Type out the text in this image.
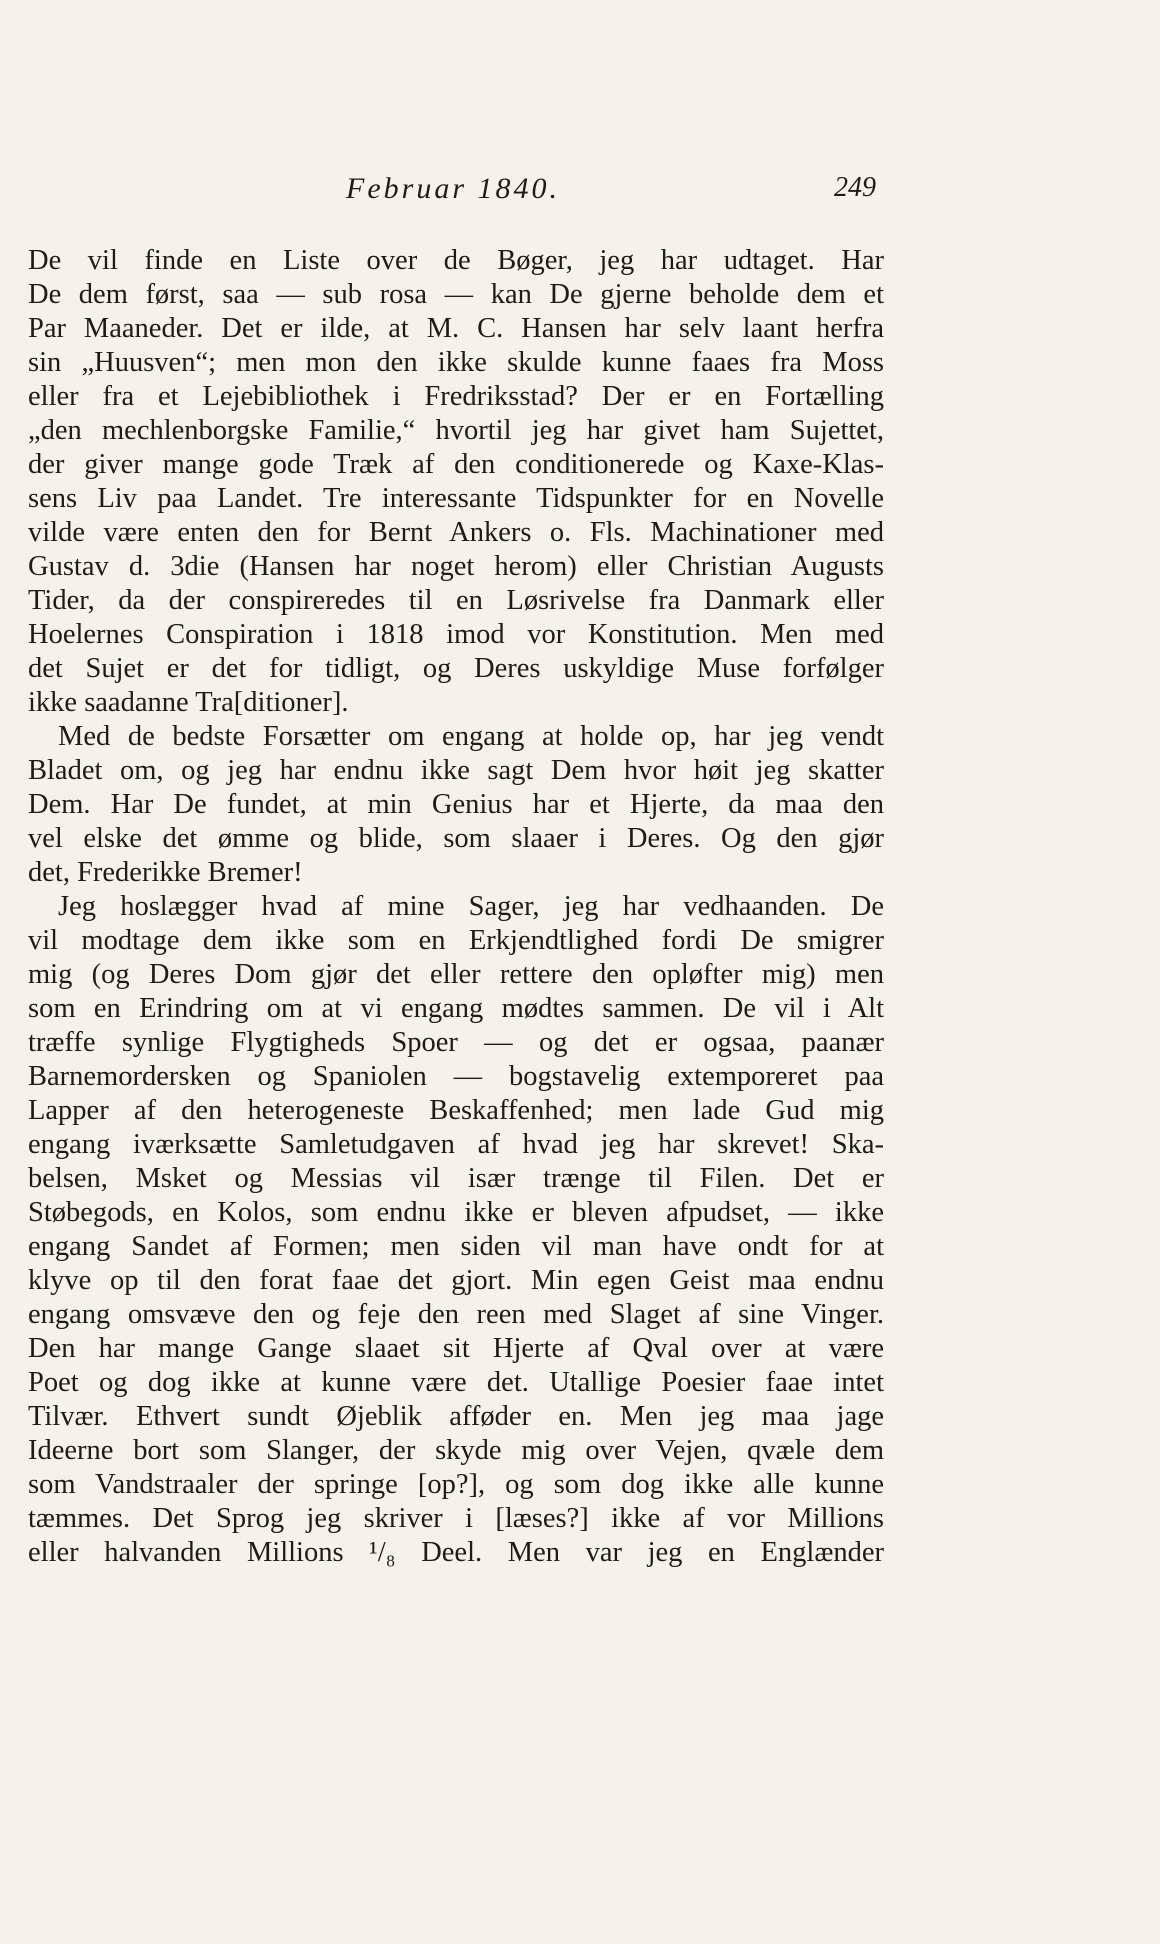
Februar 1840.	249
De vil finde en Liste over de Bøger, jeg har udtaget. Har
De dem først, saa — sub rosa — kan De gjerne beholde dem et
Par Maaneder. Det er ilde, at M. C. Hansen har selv laant herfra
sin „Huusven“; men mon den ikke skulde kunne faaes fra Moss
eller fra et Lejebibliothek i Fredriksstad? Der er en Fortælling
„den mechlenborgske Familie,“ hvortil jeg har givet ham Sujettet,
der giver mange gode Træk af den conditionerede og Kaxe-Klas-
sens Liv paa Landet. Tre interessante Tidspunkter for en Novelle
vilde være enten den for Bernt Ankers o. Fls. Machinationer med
Gustav d. 3die (Hansen har noget herom) eller Christian Augusts
Tider, da der conspireredes til en Løsrivelse fra Danmark eller
Hoelernes Conspiration i 1818 imod vor Konstitution. Men med
det Sujet er det for tidligt, og Deres uskyldige Muse forfølger
ikke saadanne Tra[ditioner].
Med de bedste Forsætter om engang at holde op, har jeg vendt
Bladet om, og jeg har endnu ikke sagt Dem hvor høit jeg skatter
Dem. Har De fundet, at min Genius har et Hjerte, da maa den
vel elske det ømme og blide, som slaaer i Deres. Og den gjør
det, Frederikke Bremer!
Jeg hoslægger hvad af mine Sager, jeg har vedhaanden. De
vil modtage dem ikke som en Erkjendtlighed fordi De smigrer
mig (og Deres Dom gjør det eller rettere den opløfter mig) men
som en Erindring om at vi engang mødtes sammen. De vil i Alt
træffe synlige Flygtigheds Spoer — og det er ogsaa, paanær
Barnemordersken og Spaniolen — bogstavelig extemporeret paa
Lapper af den heterogeneste Beskaffenhed; men lade Gud mig
engang iværksætte Samletudgaven af hvad jeg har skrevet! Ska-
belsen, Msket og Messias vil især trænge til Filen. Det er
Støbegods, en Kolos, som endnu ikke er bleven afpudset, — ikke
engang Sandet af Formen; men siden vil man have ondt for at
klyve op til den forat faae det gjort. Min egen Geist maa endnu
engang omsvæve den og feje den reen med Slaget af sine Vinger.
Den har mange Gange slaaet sit Hjerte af Qval over at være
Poet og dog ikke at kunne være det. Utallige Poesier faae intet
Tilvær. Ethvert sundt Øjeblik afføder en. Men jeg maa jage
Ideerne bort som Slanger, der skyde mig over Vejen, qvæle dem
som Vandstraaler der springe [op?], og som dog ikke alle kunne
tæmmes. Det Sprog jeg skriver i [læses?] ikke af vor Millions
eller halvanden Millions ¹/₈ Deel. Men var jeg en Englænder
